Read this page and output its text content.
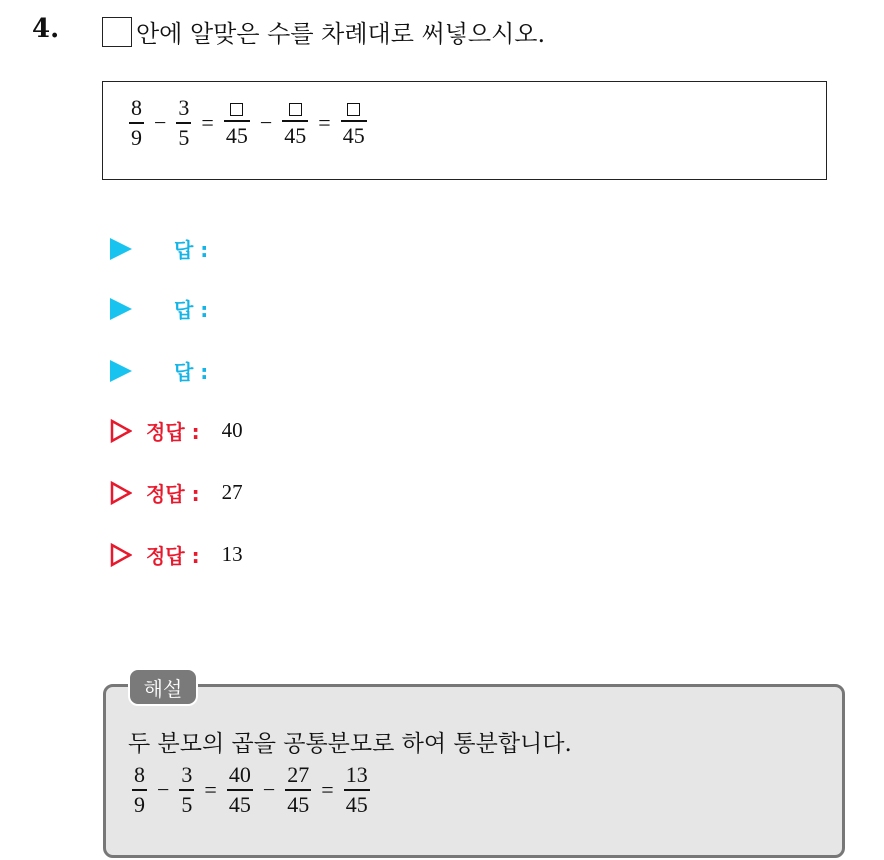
4.	안에 알맞은 수를 차례대로 써넣으시오.
$\frac{8}{9} - \frac{3}{5}$ =
45
−
45
=
45
답 :
답 :
답 :
정답 : 40
정답 : 27
정답 : 13
두 분모의 곱을 공통분모로 하여 통분합니다.
$\frac{8}{9} - \frac{3}{5} = \frac{40}{45} - \frac{27}{45} = \frac{13}{45}$
해설
